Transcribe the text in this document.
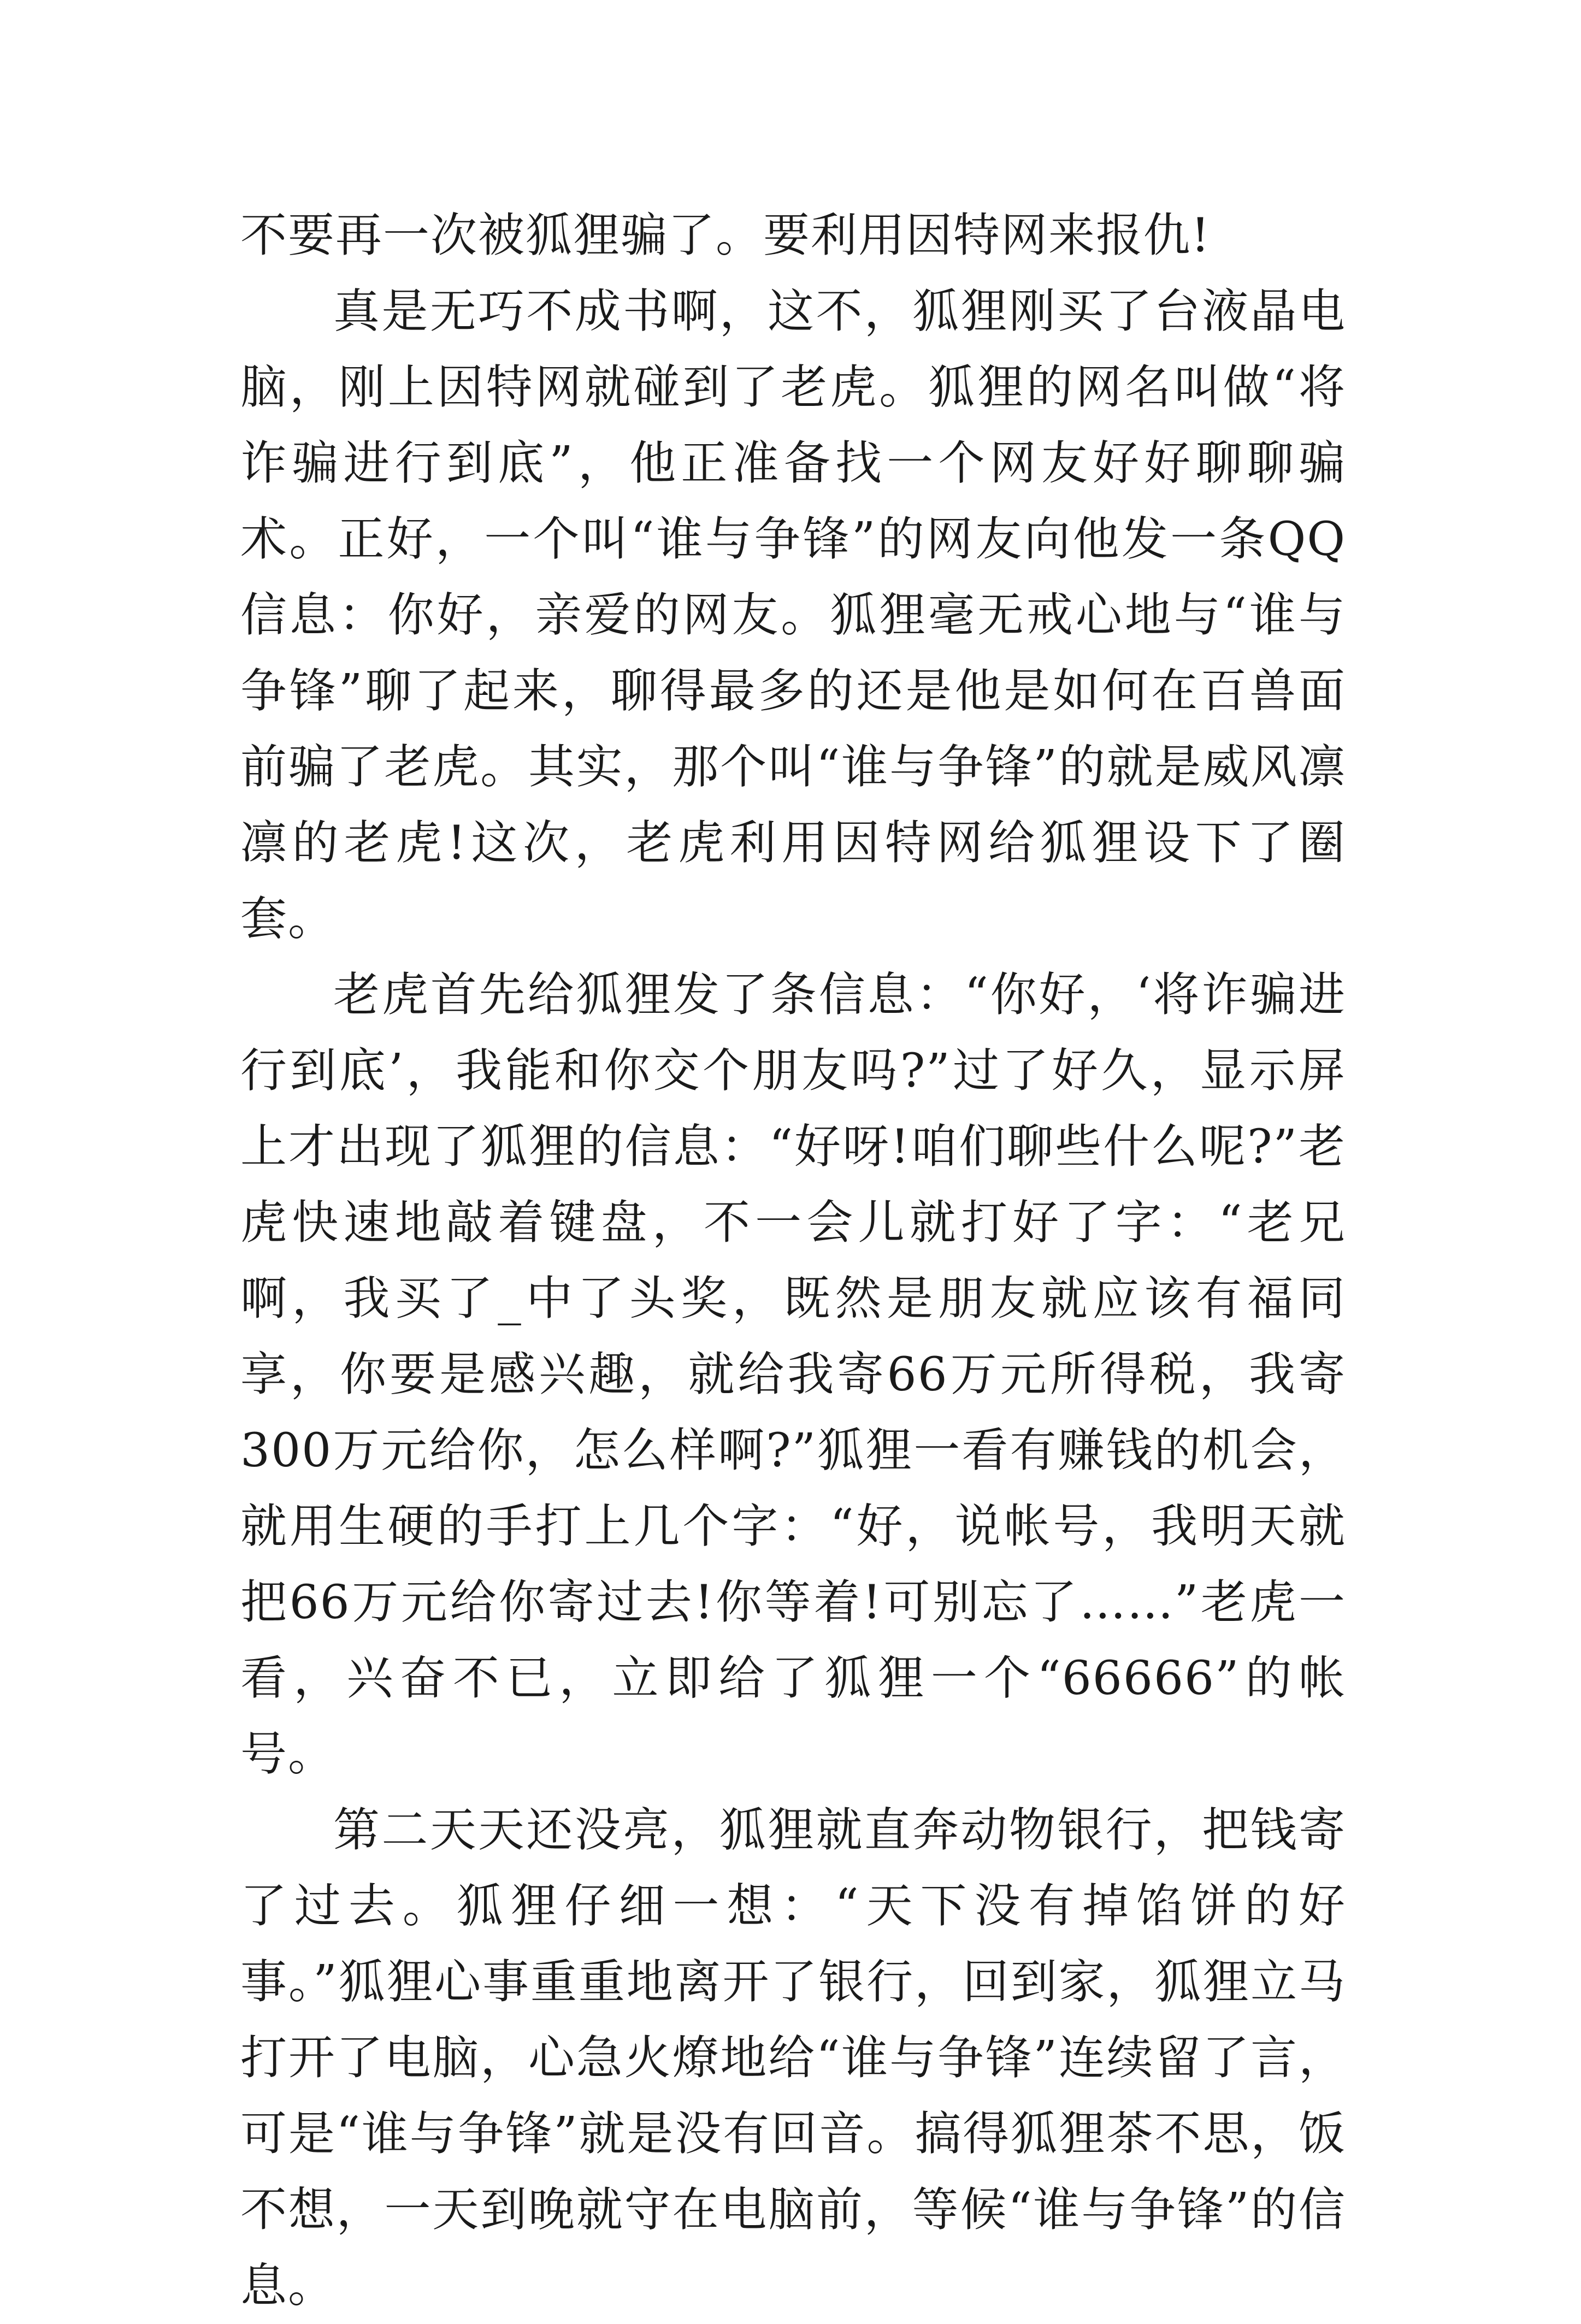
不要再一次被狐狸骗了。要利用因特网来报仇!

真是无巧不成书啊，这不，狐狸刚买了台液晶电脑，刚上因特网就碰到了老虎。狐狸的网名叫做“将诈骗进行到底”，他正准备找一个网友好好聊聊骗术。正好，一个叫“谁与争锋”的网友向他发一条QQ信息：你好，亲爱的网友。狐狸毫无戒心地与“谁与争锋”聊了起来，聊得最多的还是他是如何在百兽面前骗了老虎。其实，那个叫“谁与争锋”的就是威风凛凛的老虎!这次，老虎利用因特网给狐狸设下了圈套。

老虎首先给狐狸发了条信息：“你好，‘将诈骗进行到底’，我能和你交个朋友吗?”过了好久，显示屏上才出现了狐狸的信息：“好呀!咱们聊些什么呢?”老虎快速地敲着键盘，不一会儿就打好了字：“老兄啊，我买了_中了头奖，既然是朋友就应该有福同享，你要是感兴趣，就给我寄66万元所得税，我寄300万元给你，怎么样啊?”狐狸一看有赚钱的机会，就用生硬的手打上几个字：“好，说帐号，我明天就把66万元给你寄过去!你等着!可别忘了……”老虎一看，兴奋不已，立即给了狐狸一个“66666”的帐号。

第二天天还没亮，狐狸就直奔动物银行，把钱寄了过去。狐狸仔细一想：“天下没有掉馅饼的好事。”狐狸心事重重地离开了银行，回到家，狐狸立马打开了电脑，心急火燎地给“谁与争锋”连续留了言，可是“谁与争锋”就是没有回音。搞得狐狸茶不思，饭不想，一天到晚就守在电脑前，等候“谁与争锋”的信息。
